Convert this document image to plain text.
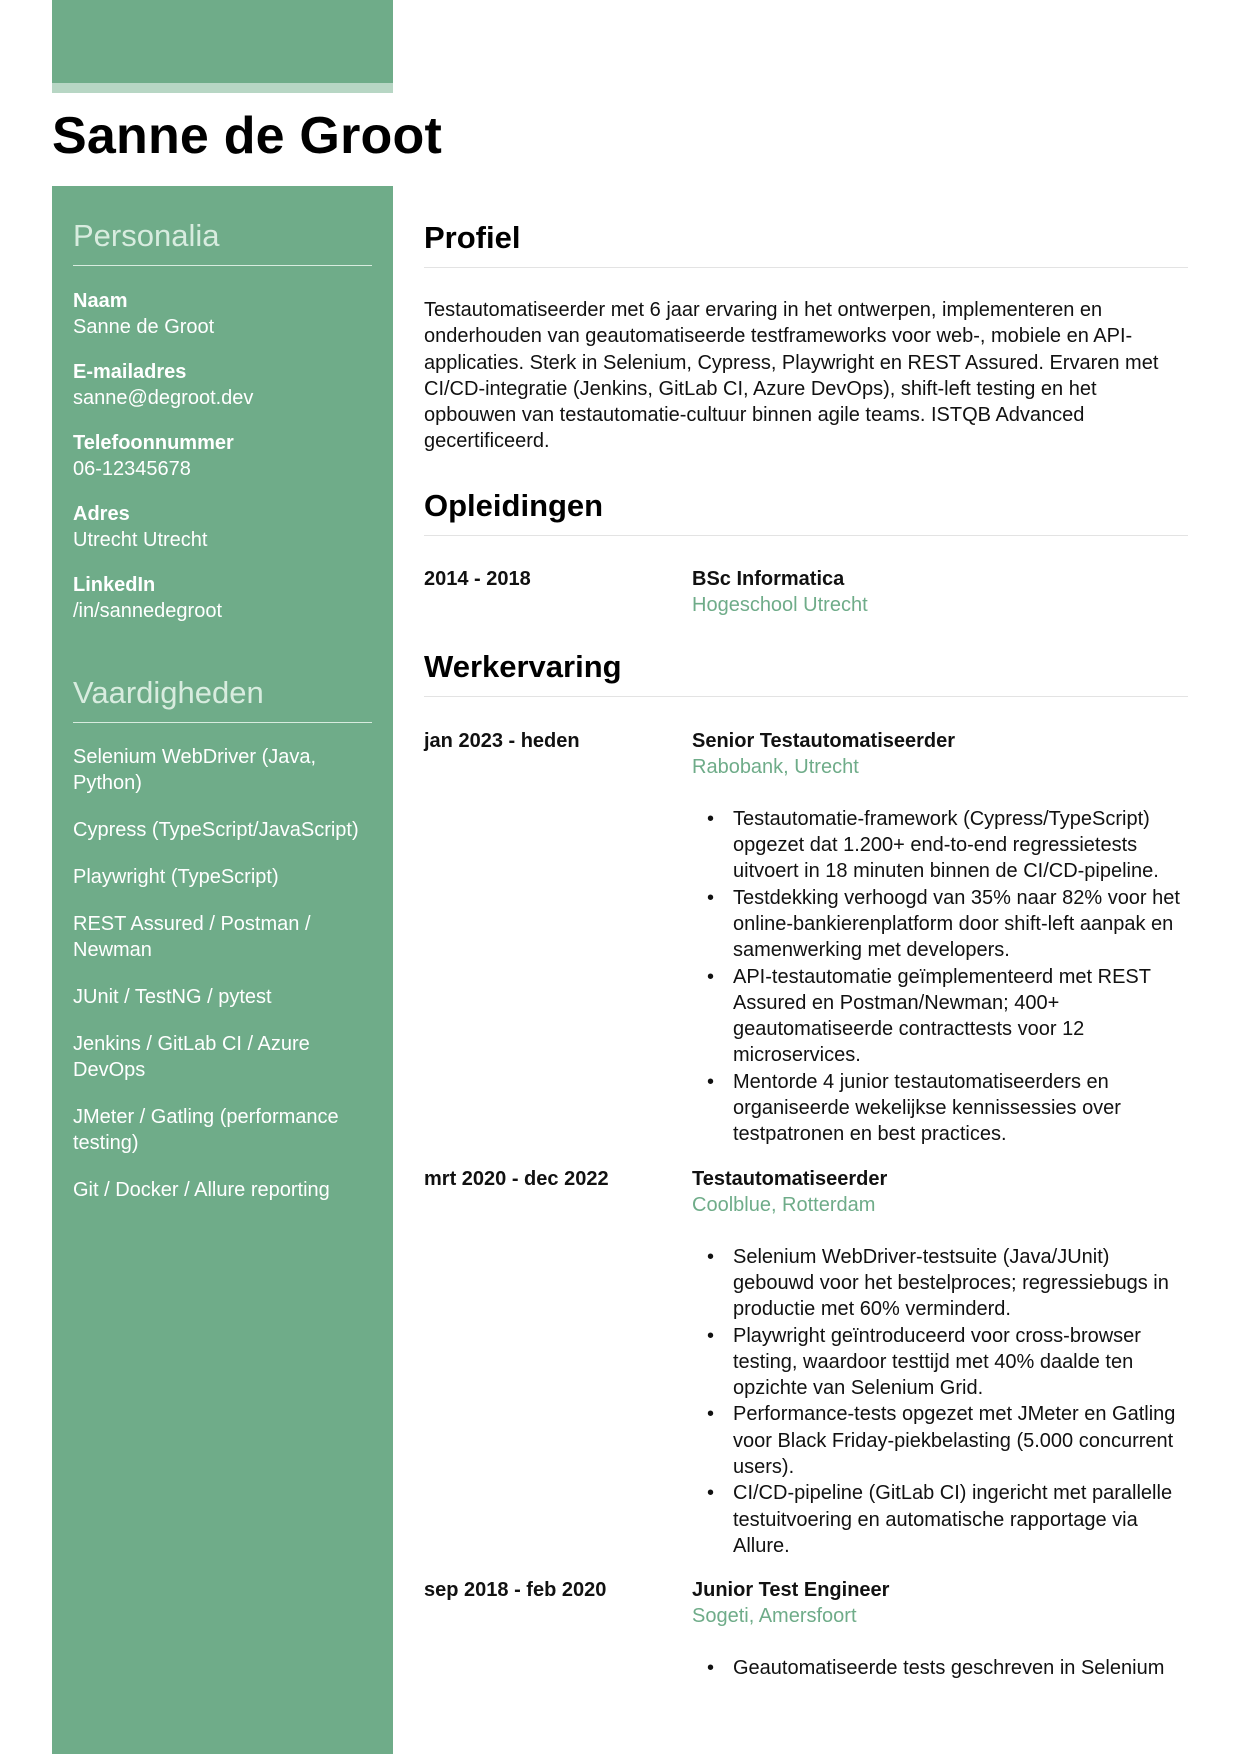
Sanne de Groot
Personalia
Naam
Sanne de Groot
E-mailadres
sanne@degroot.dev
Telefoonnummer
06-12345678
Adres
Utrecht Utrecht
LinkedIn
/in/sannedegroot
Vaardigheden
Selenium WebDriver (Java, Python)
Cypress (TypeScript/JavaScript)
Playwright (TypeScript)
REST Assured / Postman / Newman
JUnit / TestNG / pytest
Jenkins / GitLab CI / Azure DevOps
JMeter / Gatling (performance testing)
Git / Docker / Allure reporting
Profiel

Testautomatiseerder met 6 jaar ervaring in het ontwerpen, implementeren en onderhouden van geautomatiseerde testframeworks voor web-, mobiele en API-applicaties. Sterk in Selenium, Cypress, Playwright en REST Assured. Ervaren met CI/CD-integratie (Jenkins, GitLab CI, Azure DevOps), shift-left testing en het opbouwen van testautomatie-cultuur binnen agile teams. ISTQB Advanced gecertificeerd.

Opleidingen
2014 - 2018	BSc Informatica
Hogeschool Utrecht
Werkervaring
jan 2023 - heden	Senior Testautomatiseerder
Rabobank, Utrecht
• Testautomatie-framework (Cypress/TypeScript) opgezet dat 1.200+ end-to-end regressietests uitvoert in 18 minuten binnen de CI/CD-pipeline.
• Testdekking verhoogd van 35% naar 82% voor het online-bankierenplatform door shift-left aanpak en samenwerking met developers.
• API-testautomatie geïmplementeerd met REST Assured en Postman/Newman; 400+ geautomatiseerde contracttests voor 12 microservices.
• Mentorde 4 junior testautomatiseerders en organiseerde wekelijkse kennissessies over testpatronen en best practices.
mrt 2020 - dec 2022	Testautomatiseerder
Coolblue, Rotterdam
• Selenium WebDriver-testsuite (Java/JUnit) gebouwd voor het bestelproces; regressiebugs in productie met 60% verminderd.
• Playwright geïntroduceerd voor cross-browser testing, waardoor testtijd met 40% daalde ten opzichte van Selenium Grid.
• Performance-tests opgezet met JMeter en Gatling voor Black Friday-piekbelasting (5.000 concurrent users).
• CI/CD-pipeline (GitLab CI) ingericht met parallelle testuitvoering en automatische rapportage via Allure.
sep 2018 - feb 2020	Junior Test Engineer
Sogeti, Amersfoort
• Geautomatiseerde tests geschreven in Selenium
